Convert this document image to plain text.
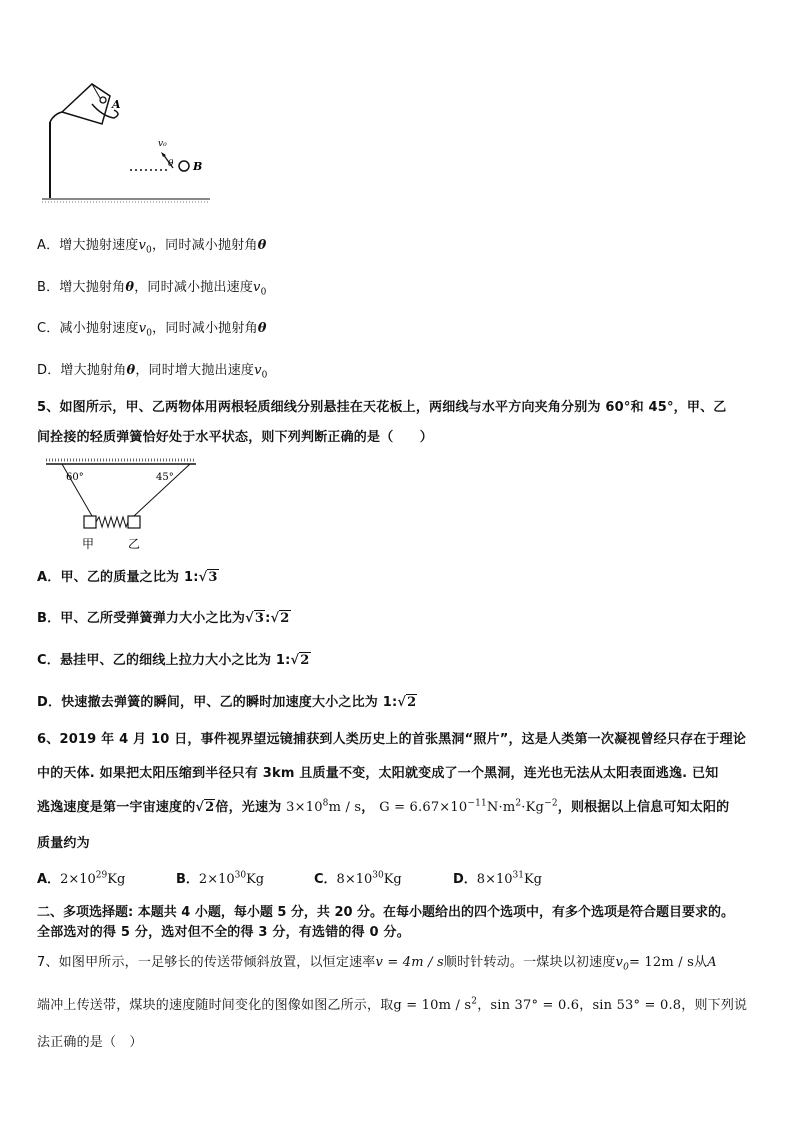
A
v₀
θ B
A．增大抛射速度$v_0$，同时减小抛射角θ
B．增大抛射角θ，同时减小抛出速度$v_0$
C．减小抛射速度$v_0$，同时减小抛射角θ
D．增大抛射角θ，同时增大抛出速度$v_0$
5、如图所示，甲、乙两物体用两根轻质细线分别悬挂在天花板上，两细线与水平方向夹角分别为 60°和 45°，甲、乙
间拴接的轻质弹簧恰好处于水平状态，则下列判断正确的是（　　）
60°	45°
甲	乙
A．甲、乙的质量之比为 1:√3
B．甲、乙所受弹簧弹力大小之比为√3:√2
C．悬挂甲、乙的细线上拉力大小之比为 1:√2
D．快速撤去弹簧的瞬间，甲、乙的瞬时加速度大小之比为 1:√2
6、2019 年 4 月 10 日，事件视界望远镜捕获到人类历史上的首张黑洞“照片”，这是人类第一次凝视曾经只存在于理论
中的天体. 如果把太阳压缩到半径只有 3km 且质量不变，太阳就变成了一个黑洞，连光也无法从太阳表面逃逸. 已知
逃逸速度是第一宇宙速度的√2倍，光速为 $3\times 10^8m / s$， $G = 6.67\times 10^{-11}N\cdot m^2\cdot Kg^{-2}$，则根据以上信息可知太阳的
质量约为
A．$2\times 10^{29}Kg$	B．$2\times 10^{30}Kg$	C．$8\times 10^{30}Kg$	D．$8\times 10^{31}Kg$
二、多项选择题: 本题共 4 小题，每小题 5 分，共 20 分。在每小题给出的四个选项中，有多个选项是符合题目要求的。
全部选对的得 5 分，选对但不全的得 3 分，有选错的得 0 分。
7、如图甲所示，一足够长的传送带倾斜放置，以恒定速率v = 4m / s顺时针转动。一煤块以初速度$v_0= 12m / s$从A
端冲上传送带，煤块的速度随时间变化的图像如图乙所示，取$g = 10m / s^2$，sin 37° = 0.6，sin 53° = 0.8，则下列说
法正确的是（　）
